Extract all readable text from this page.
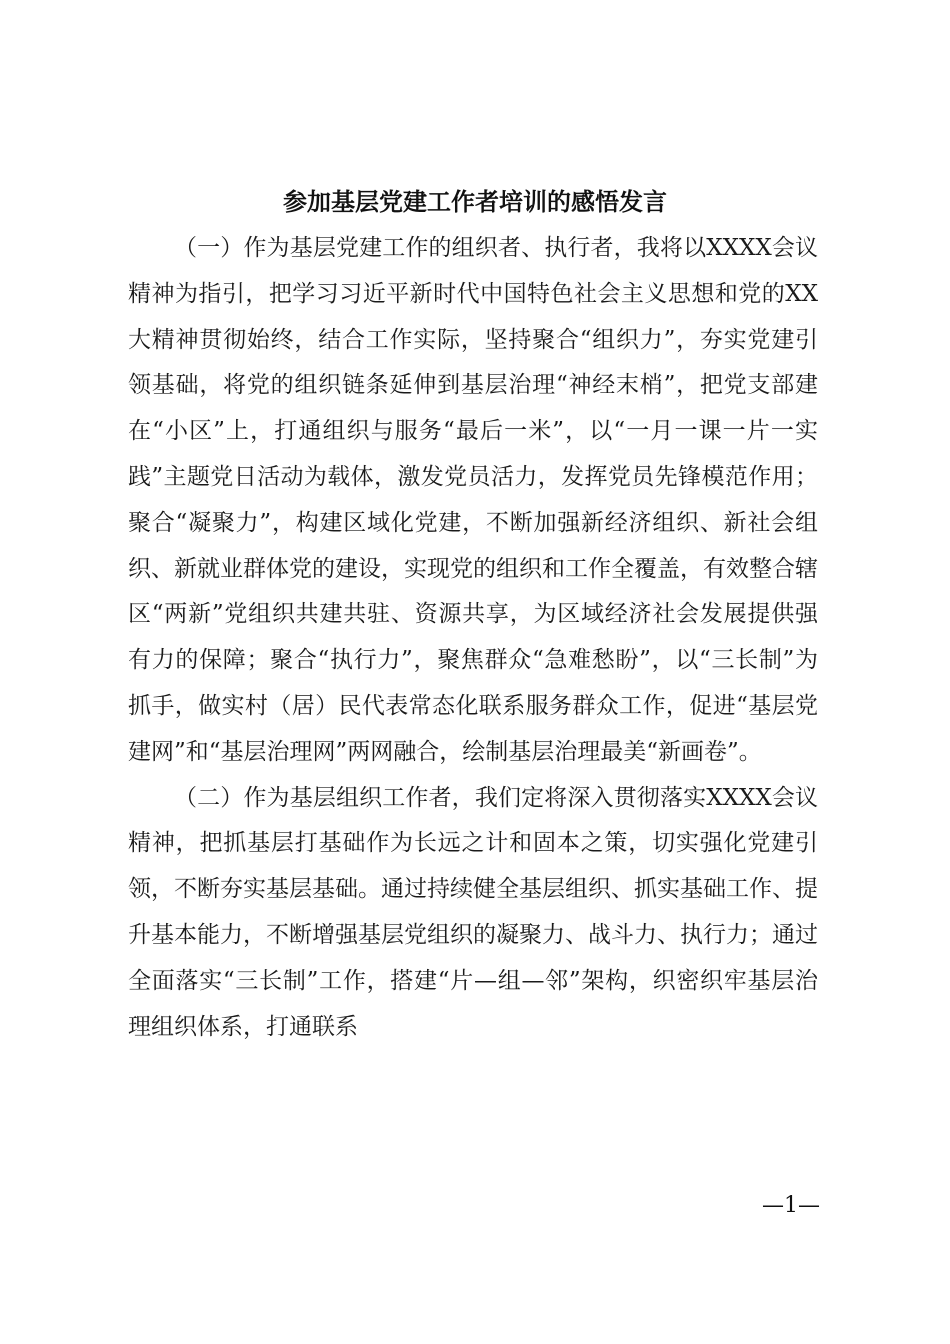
参加基层党建工作者培训的感悟发言

（一）作为基层党建工作的组织者、执行者，我将以XXXX会议精神为指引，把学习习近平新时代中国特色社会主义思想和党的XX大精神贯彻始终，结合工作实际，坚持聚合“组织力”，夯实党建引领基础，将党的组织链条延伸到基层治理“神经末梢”，把党支部建在“小区”上，打通组织与服务“最后一米”，以“一月一课一片一实践”主题党日活动为载体，激发党员活力，发挥党员先锋模范作用；聚合“凝聚力”，构建区域化党建，不断加强新经济组织、新社会组织、新就业群体党的建设，实现党的组织和工作全覆盖，有效整合辖区“两新”党组织共建共驻、资源共享，为区域经济社会发展提供强有力的保障；聚合“执行力”，聚焦群众“急难愁盼”，以“三长制”为抓手，做实村（居）民代表常态化联系服务群众工作，促进“基层党建网”和“基层治理网”两网融合，绘制基层治理最美“新画卷”。

（二）作为基层组织工作者，我们定将深入贯彻落实XXXX会议精神，把抓基层打基础作为长远之计和固本之策，切实强化党建引领，不断夯实基层基础。通过持续健全基层组织、抓实基础工作、提升基本能力，不断增强基层党组织的凝聚力、战斗力、执行力；通过全面落实“三长制”工作，搭建“片—组—邻”架构，织密织牢基层治理组织体系，打通联系

—1—
